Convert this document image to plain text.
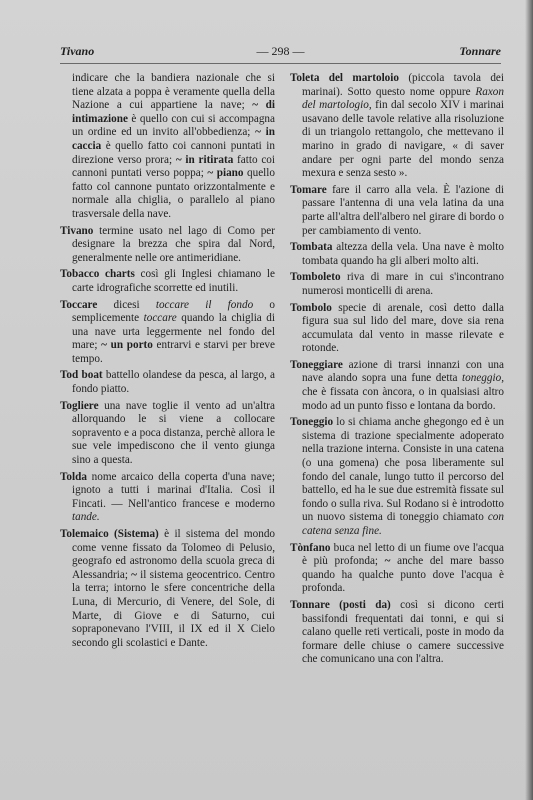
Tivano	— 298 —	Tonnare

indicare che la bandiera nazionale che si tiene alzata a poppa è veramente quella della Nazione a cui appartiene la nave; ~ di intimazione è quello con cui si accompagna un ordine ed un invito all'obbedienza; ~ in caccia è quello fatto coi cannoni puntati in direzione verso prora; ~ in ritirata fatto coi cannoni puntati verso poppa; ~ piano quello fatto col cannone puntato orizzontalmente e normale alla chiglia, o parallelo al piano trasversale della nave.

Tivano termine usato nel lago di Como per designare la brezza che spira dal Nord, generalmente nelle ore antimeridiane.

Tobacco charts così gli Inglesi chiamano le carte idrografiche scorrette ed inutili.

Toccare dicesi toccare il fondo o semplicemente toccare quando la chiglia di una nave urta leggermente nel fondo del mare; ~ un porto entrarvi e starvi per breve tempo.

Tod boat battello olandese da pesca, al largo, a fondo piatto.

Togliere una nave toglie il vento ad un'altra allorquando le si viene a collocare sopravento e a poca distanza, perchè allora le sue vele impediscono che il vento giunga sino a questa.

Tolda nome arcaico della coperta d'una nave; ignoto a tutti i marinai d'Italia. Così il Fincati. — Nell'antico francese e moderno tande.

Tolemaico (Sistema) è il sistema del mondo come venne fissato da Tolomeo di Pelusio, geografo ed astronomo della scuola greca di Alessandria; ~ il sistema geocentrico. Centro la terra; intorno le sfere concentriche della Luna, di Mercurio, di Venere, del Sole, di Marte, di Giove e di Saturno, cui sopraponevano l'VIII, il IX ed il X Cielo secondo gli scolastici e Dante.

Toleta del martoloio (piccola tavola dei marinai). Sotto questo nome oppure Raxon del martologio, fin dal secolo XIV i marinai usavano delle tavole relative alla risoluzione di un triangolo rettangolo, che mettevano il marino in grado di navigare, « di saver andare per ogni parte del mondo senza mexura e senza sesto ».

Tomare fare il carro alla vela. È l'azione di passare l'antenna di una vela latina da una parte all'altra dell'albero nel girare di bordo o per cambiamento di vento.

Tombata altezza della vela. Una nave è molto tombata quando ha gli alberi molto alti.

Tomboleto riva di mare in cui s'incontrano numerosi monticelli di arena.

Tombolo specie di arenale, così detto dalla figura sua sul lido del mare, dove sia rena accumulata dal vento in masse rilevate e rotonde.

Toneggiare azione di trarsi innanzi con una nave alando sopra una fune detta toneggio, che è fissata con àncora, o in qualsiasi altro modo ad un punto fisso e lontana da bordo.

Toneggio lo si chiama anche ghegongo ed è un sistema di trazione specialmente adoperato nella trazione interna. Consiste in una catena (o una gomena) che posa liberamente sul fondo del canale, lungo tutto il percorso del battello, ed ha le sue due estremità fissate sul fondo o sulla riva. Sul Rodano si è introdotto un nuovo sistema di toneggio chiamato con catena senza fine.

Tònfano buca nel letto di un fiume ove l'acqua è più profonda; ~ anche del mare basso quando ha qualche punto dove l'acqua è profonda.

Tonnare (posti da) così si dicono certi bassifondi frequentati dai tonni, e qui si calano quelle reti verticali, poste in modo da formare delle chiuse o camere successive che comunicano una con l'altra.
